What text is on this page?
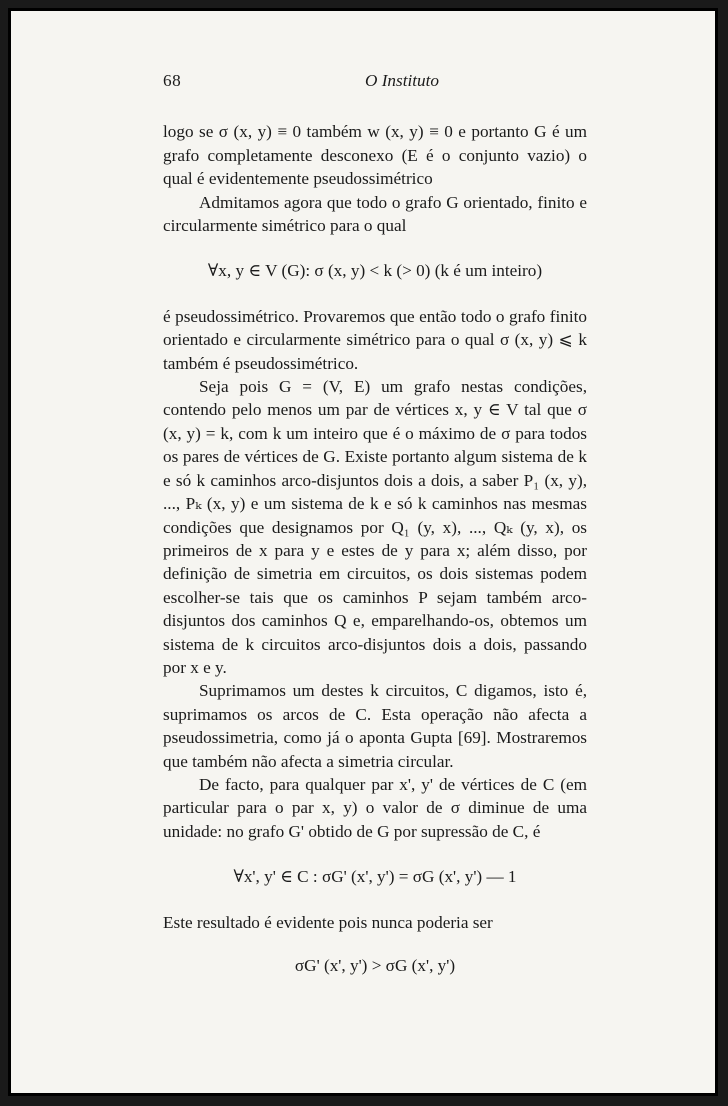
68	O Instituto

logo se σ (x, y) ≡ 0 também w (x, y) ≡ 0 e portanto G é um grafo completamente desconexo (E é o conjunto vazio) o qual é evidentemente pseudossimétrico

Admitamos agora que todo o grafo G orientado, finito e circularmente simétrico para o qual

∀x, y ∈ V (G): σ (x, y) < k (> 0) (k é um inteiro)

é pseudossimétrico. Provaremos que então todo o grafo finito orientado e circularmente simétrico para o qual σ (x, y) ⩽ k também é pseudossimétrico.

Seja pois G = (V, E) um grafo nestas condições, contendo pelo menos um par de vértices x, y ∈ V tal que σ (x, y) = k, com k um inteiro que é o máximo de σ para todos os pares de vértices de G. Existe portanto algum sistema de k e só k caminhos arco-disjuntos dois a dois, a saber P₁ (x, y), ..., Pₖ (x, y) e um sistema de k e só k caminhos nas mesmas condições que designamos por Q₁ (y, x), ..., Qₖ (y, x), os primeiros de x para y e estes de y para x; além disso, por definição de simetria em circuitos, os dois sistemas podem escolher-se tais que os caminhos P sejam também arco-disjuntos dos caminhos Q e, emparelhando-os, obtemos um sistema de k circuitos arco-disjuntos dois a dois, passando por x e y.

Suprimamos um destes k circuitos, C digamos, isto é, suprimamos os arcos de C. Esta operação não afecta a pseudossimetria, como já o aponta Gupta [69]. Mostraremos que também não afecta a simetria circular.

De facto, para qualquer par x', y' de vértices de C (em particular para o par x, y) o valor de σ diminue de uma unidade: no grafo G' obtido de G por supressão de C, é

∀x', y' ∈ C : σG' (x', y') = σG (x', y') — 1

Este resultado é evidente pois nunca poderia ser

σG' (x', y') > σG (x', y')
